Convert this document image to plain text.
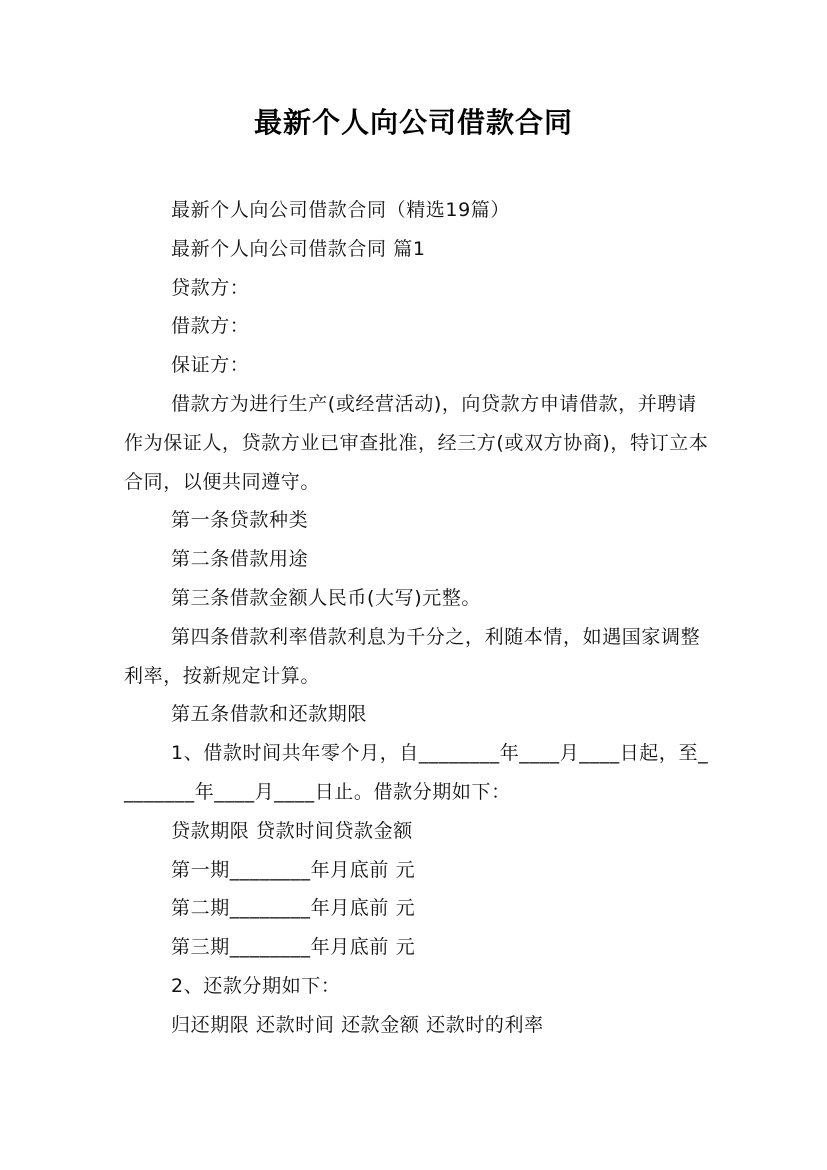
最新个人向公司借款合同

最新个人向公司借款合同（精选19篇）

最新个人向公司借款合同 篇1

贷款方：

借款方：

保证方：

借款方为进行生产(或经营活动)，向贷款方申请借款，并聘请作为保证人，贷款方业已审查批准，经三方(或双方协商)，特订立本合同，以便共同遵守。

第一条贷款种类

第二条借款用途

第三条借款金额人民币(大写)元整。

第四条借款利率借款利息为千分之，利随本情，如遇国家调整利率，按新规定计算。

第五条借款和还款期限

1、借款时间共年零个月，自________年____月____日起，至________年____月____日止。借款分期如下：

贷款期限 贷款时间贷款金额

第一期________年月底前 元

第二期________年月底前 元

第三期________年月底前 元

2、还款分期如下：

归还期限 还款时间 还款金额 还款时的利率
